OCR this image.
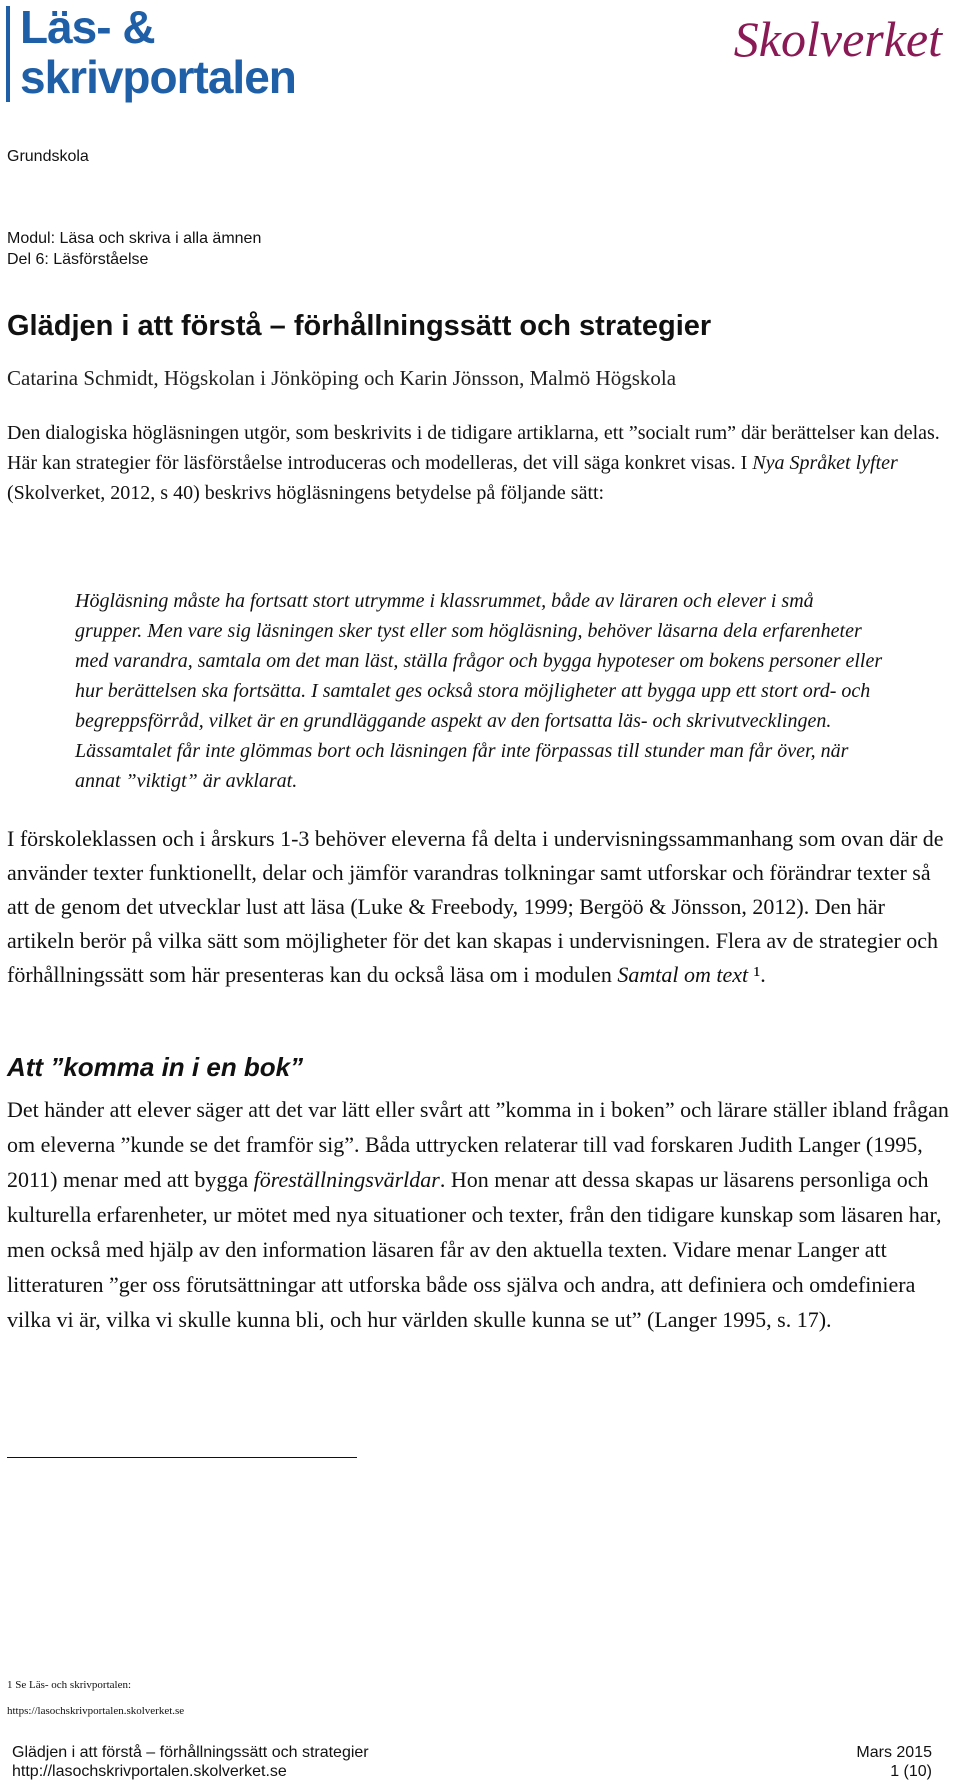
Läs- &
skrivportalen
Skolverket
Grundskola
Modul: Läsa och skriva i alla ämnen
Del 6: Läsförståelse
Glädjen i att förstå – förhållningssätt och strategier
Catarina Schmidt, Högskolan i Jönköping och Karin Jönsson, Malmö Högskola

Den dialogiska högläsningen utgör, som beskrivits i de tidigare artiklarna, ett ”socialt rum” där berättelser kan delas. Här kan strategier för läsförståelse introduceras och modelleras, det vill säga konkret visas. I Nya Språket lyfter (Skolverket, 2012, s 40) beskrivs högläsningens betydelse på följande sätt:

Högläsning måste ha fortsatt stort utrymme i klassrummet, både av läraren och elever i små grupper. Men vare sig läsningen sker tyst eller som högläsning, behöver läsarna dela erfarenheter med varandra, samtala om det man läst, ställa frågor och bygga hypoteser om bokens personer eller hur berättelsen ska fortsätta. I samtalet ges också stora möjligheter att bygga upp ett stort ord- och begreppsförråd, vilket är en grundläggande aspekt av den fortsatta läs- och skrivutvecklingen. Lässamtalet får inte glömmas bort och läsningen får inte förpassas till stunder man får över, när annat ”viktigt” är avklarat.

I förskoleklassen och i årskurs 1-3 behöver eleverna få delta i undervisningssammanhang som ovan där de använder texter funktionellt, delar och jämför varandras tolkningar samt utforskar och förändrar texter så att de genom det utvecklar lust att läsa (Luke & Freebody, 1999; Bergöö & Jönsson, 2012). Den här artikeln berör på vilka sätt som möjligheter för det kan skapas i undervisningen. Flera av de strategier och förhållningssätt som här presenteras kan du också läsa om i modulen Samtal om text ¹.

Att ”komma in i en bok”

Det händer att elever säger att det var lätt eller svårt att ”komma in i boken” och lärare ställer ibland frågan om eleverna ”kunde se det framför sig”. Båda uttrycken relaterar till vad forskaren Judith Langer (1995, 2011) menar med att bygga föreställningsvärldar. Hon menar att dessa skapas ur läsarens personliga och kulturella erfarenheter, ur mötet med nya situationer och texter, från den tidigare kunskap som läsaren har, men också med hjälp av den information läsaren får av den aktuella texten. Vidare menar Langer att litteraturen ”ger oss förutsättningar att utforska både oss själva och andra, att definiera och omdefiniera vilka vi är, vilka vi skulle kunna bli, och hur världen skulle kunna se ut” (Langer 1995, s. 17).

1 Se Läs- och skrivportalen:
https://lasochskrivportalen.skolverket.se
Glädjen i att förstå – förhållningssätt och strategier
http://lasochskrivportalen.skolverket.se
Mars 2015
1 (10)
